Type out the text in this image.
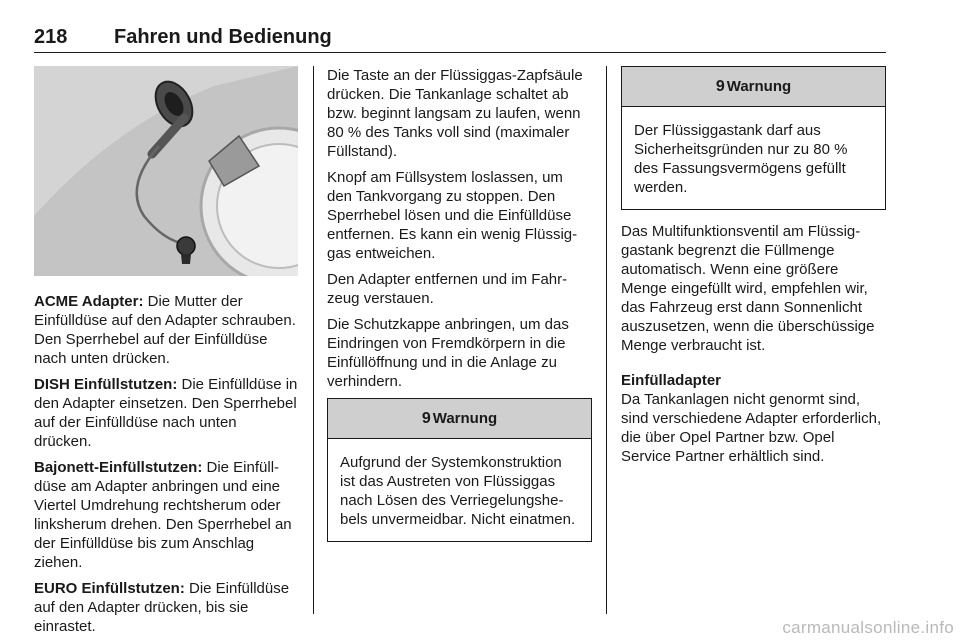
218 Fahren und Bedienung

ACME Adapter: Die Mutter der Einfülldüse auf den Adapter schrauben. Den Sperrhebel auf der Einfülldüse nach unten drücken.

DISH Einfüllstutzen: Die Einfülldüse in den Adapter einsetzen. Den Sperrhebel auf der Einfülldüse nach unten drücken.

Bajonett-Einfüllstutzen: Die Einfülldüse am Adapter anbringen und eine Viertel Umdrehung rechtsherum oder linksherum drehen. Den Sperrhebel an der Einfülldüse bis zum Anschlag ziehen.

EURO Einfüllstutzen: Die Einfülldüse auf den Adapter drücken, bis sie einrastet.

Die Taste an der Flüssiggas-Zapfsäule drücken. Die Tankanlage schaltet ab bzw. beginnt langsam zu laufen, wenn 80 % des Tanks voll sind (maximaler Füllstand).

Knopf am Füllsystem loslassen, um den Tankvorgang zu stoppen. Den Sperrhebel lösen und die Einfülldüse entfernen. Es kann ein wenig Flüssiggas entweichen.

Den Adapter entfernen und im Fahrzeug verstauen.

Die Schutzkappe anbringen, um das Eindringen von Fremdkörpern in die Einfüllöffnung und in die Anlage zu verhindern.

9 Warnung
Aufgrund der Systemkonstruktion ist das Austreten von Flüssiggas nach Lösen des Verriegelungshebels unvermeidbar. Nicht einatmen.
9 Warnung
Der Flüssiggastank darf aus Sicherheitsgründen nur zu 80 % des Fassungsvermögens gefüllt werden.

Das Multifunktionsventil am Flüssiggastank begrenzt die Füllmenge automatisch. Wenn eine größere Menge eingefüllt wird, empfehlen wir, das Fahrzeug erst dann Sonnenlicht auszusetzen, wenn die überschüssige Menge verbraucht ist.

Einfülladapter

Da Tankanlagen nicht genormt sind, sind verschiedene Adapter erforderlich, die über Opel Partner bzw. Opel Service Partner erhältlich sind.

carmanualsonline.info
